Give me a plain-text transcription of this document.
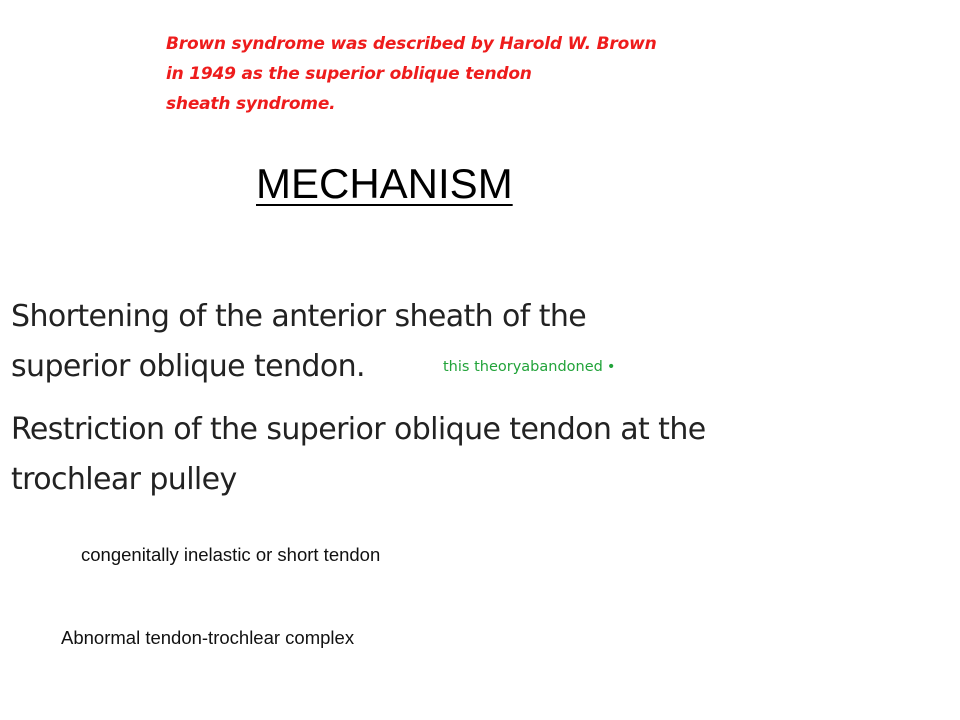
Brown syndrome was described by Harold W. Brown
in 1949 as the superior oblique tendon
sheath syndrome.
MECHANISM
Shortening of the anterior sheath of the
superior oblique tendon.	this theoryabandoned •
Restriction of the superior oblique tendon at the
trochlear pulley
congenitally inelastic or short tendon
Abnormal tendon-trochlear complex
